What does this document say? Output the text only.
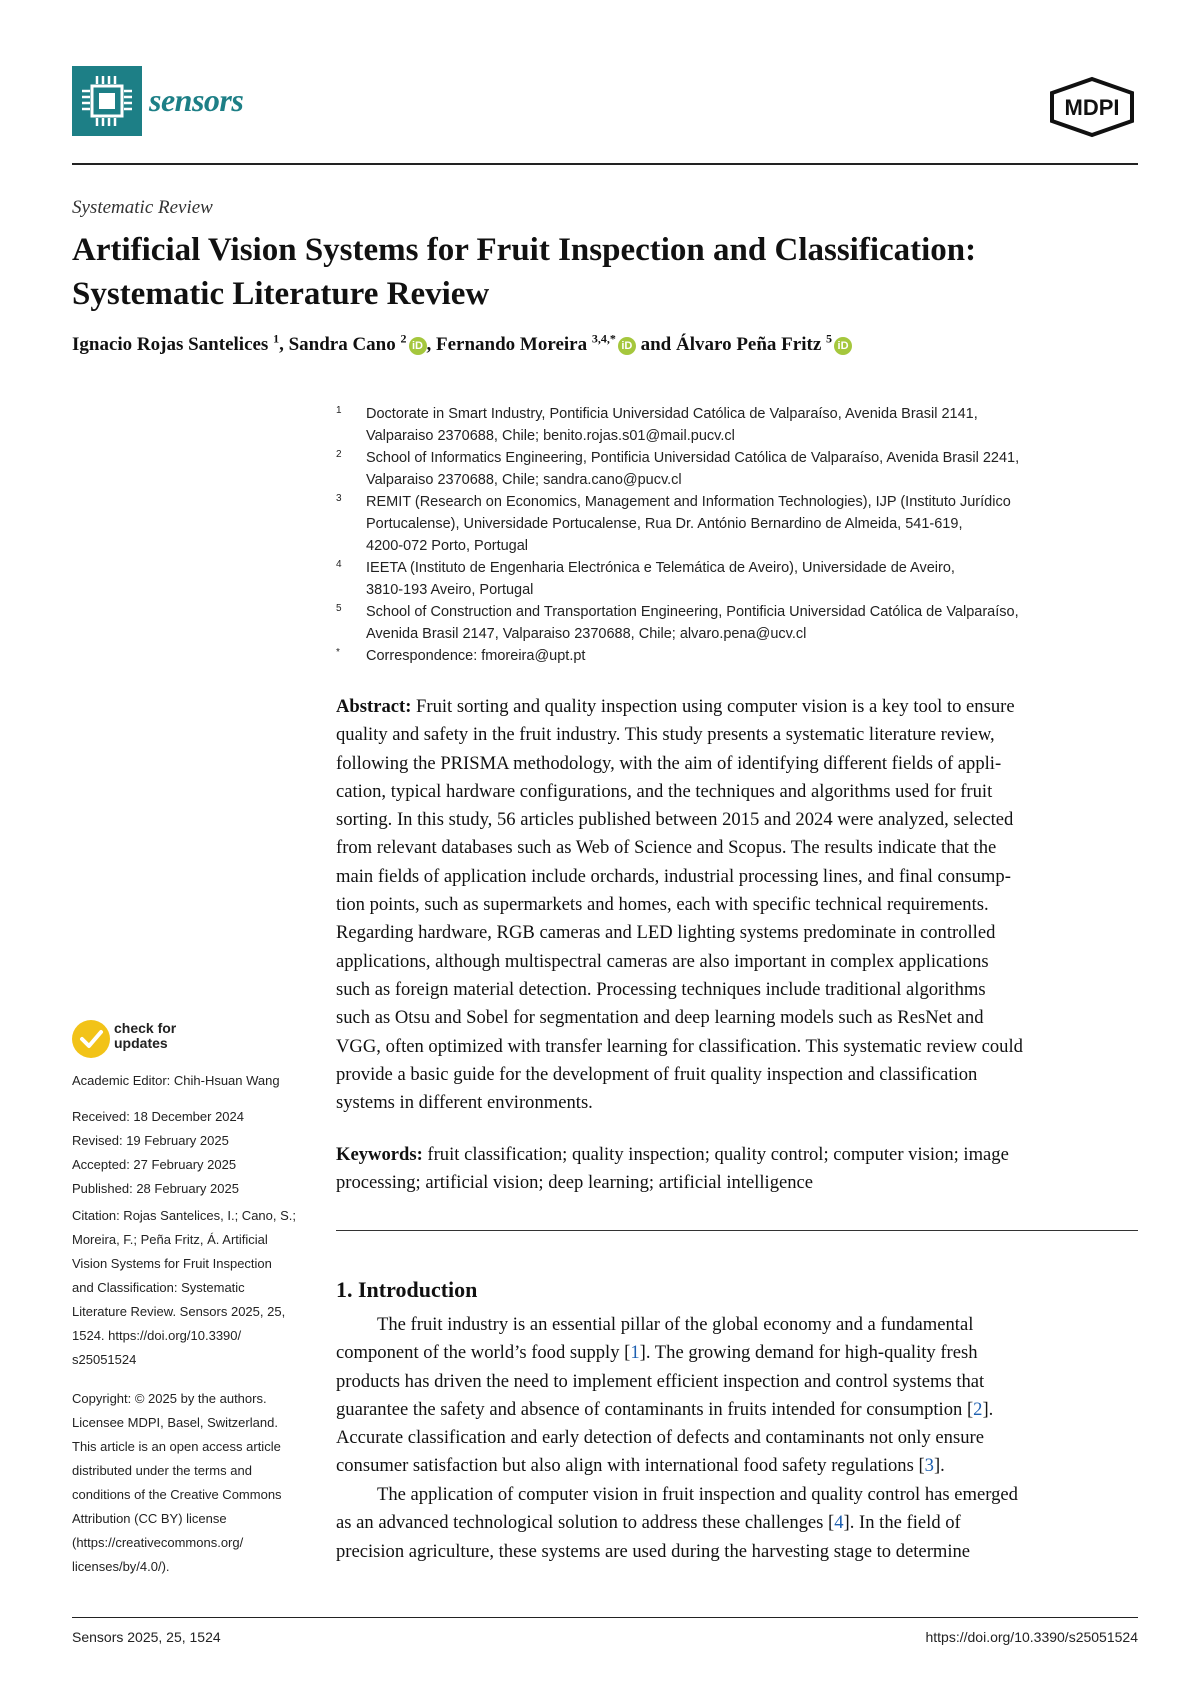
sensors	MDPI
Systematic Review
Artificial Vision Systems for Fruit Inspection and Classification:
Systematic Literature Review
Ignacio Rojas Santelices $^1$, Sandra Cano $^2$iD , Fernando Moreira $^{3,4,*}$iD and Álvaro Peña Fritz $^5$iD
1 Doctorate in Smart Industry, Pontificia Universidad Católica de Valparaíso, Avenida Brasil 2141,
Valparaiso 2370688, Chile; benito.rojas.s01@mail.pucv.cl
2 School of Informatics Engineering, Pontificia Universidad Católica de Valparaíso, Avenida Brasil 2241,
Valparaiso 2370688, Chile; sandra.cano@pucv.cl
3 REMIT (Research on Economics, Management and Information Technologies), IJP (Instituto Jurídico
Portucalense), Universidade Portucalense, Rua Dr. António Bernardino de Almeida, 541-619,
4200-072 Porto, Portugal
4 IEETA (Instituto de Engenharia Electrónica e Telemática de Aveiro), Universidade de Aveiro,
3810-193 Aveiro, Portugal
5 School of Construction and Transportation Engineering, Pontificia Universidad Católica de Valparaíso,
Avenida Brasil 2147, Valparaiso 2370688, Chile; alvaro.pena@ucv.cl
* Correspondence: fmoreira@upt.pt
Abstract: Fruit sorting and quality inspection using computer vision is a key tool to ensure
quality and safety in the fruit industry. This study presents a systematic literature review,
following the PRISMA methodology, with the aim of identifying different fields of appli-
cation, typical hardware configurations, and the techniques and algorithms used for fruit
sorting. In this study, 56 articles published between 2015 and 2024 were analyzed, selected
from relevant databases such as Web of Science and Scopus. The results indicate that the
main fields of application include orchards, industrial processing lines, and final consump-
tion points, such as supermarkets and homes, each with specific technical requirements.
Regarding hardware, RGB cameras and LED lighting systems predominate in controlled
applications, although multispectral cameras are also important in complex applications
such as foreign material detection. Processing techniques include traditional algorithms
such as Otsu and Sobel for segmentation and deep learning models such as ResNet and
VGG, often optimized with transfer learning for classification. This systematic review could
provide a basic guide for the development of fruit quality inspection and classification
systems in different environments.
Keywords: fruit classification; quality inspection; quality control; computer vision; image
processing; artificial vision; deep learning; artificial intelligence
1. Introduction
The fruit industry is an essential pillar of the global economy and a fundamental
component of the world’s food supply [1]. The growing demand for high-quality fresh
products has driven the need to implement efficient inspection and control systems that
guarantee the safety and absence of contaminants in fruits intended for consumption [2].
Accurate classification and early detection of defects and contaminants not only ensure
consumer satisfaction but also align with international food safety regulations [3].
The application of computer vision in fruit inspection and quality control has emerged
as an advanced technological solution to address these challenges [4]. In the field of
precision agriculture, these systems are used during the harvesting stage to determine
check for
updates
Academic Editor: Chih-Hsuan Wang
Received: 18 December 2024
Revised: 19 February 2025
Accepted: 27 February 2025
Published: 28 February 2025
Citation: Rojas Santelices, I.; Cano, S.;
Moreira, F.; Peña Fritz, Á. Artificial
Vision Systems for Fruit Inspection
and Classification: Systematic
Literature Review. Sensors 2025, 25,
1524. https://doi.org/10.3390/
s25051524
Copyright: © 2025 by the authors.
Licensee MDPI, Basel, Switzerland.
This article is an open access article
distributed under the terms and
conditions of the Creative Commons
Attribution (CC BY) license
(https://creativecommons.org/
licenses/by/4.0/).
Sensors 2025, 25, 1524	https://doi.org/10.3390/s25051524
